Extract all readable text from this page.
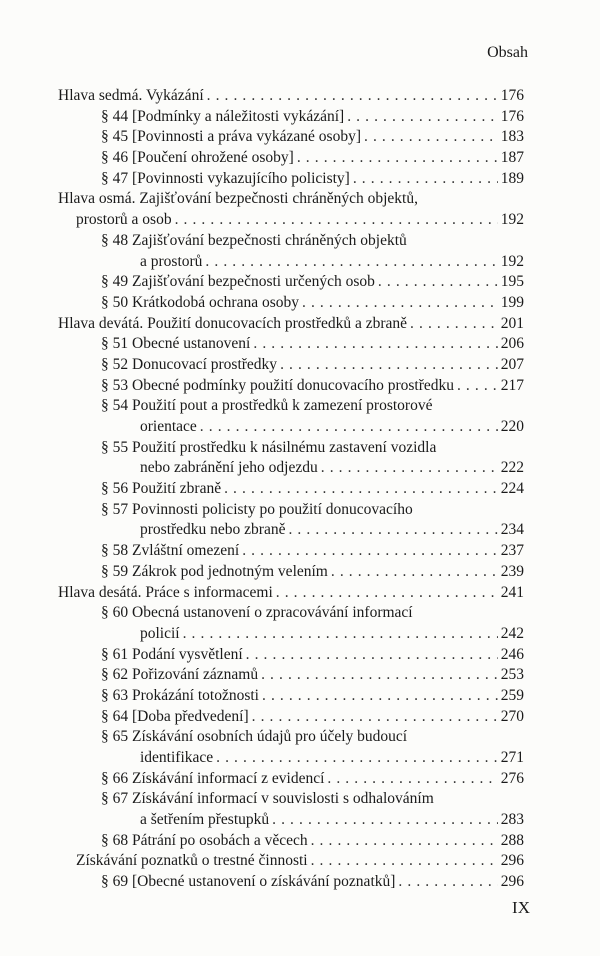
Obsah
Hlava sedmá. Vykázání . . .	176
§ 44 [Podmínky a náležitosti vykázání] . . .	176
§ 45 [Povinnosti a práva vykázané osoby] . . .	183
§ 46 [Poučení ohrožené osoby] . . .	187
§ 47 [Povinnosti vykazujícího policisty] . . .	189
Hlava osmá. Zajišťování bezpečnosti chráněných objektů,
prostorů a osob . . .	192
§ 48 Zajišťování bezpečnosti chráněných objektů
a prostorů . . .	192
§ 49 Zajišťování bezpečnosti určených osob . . .	195
§ 50 Krátkodobá ochrana osoby . . .	199
Hlava devátá. Použití donucovacích prostředků a zbraně . . .	201
§ 51 Obecné ustanovení . . .	206
§ 52 Donucovací prostředky . . .	207
§ 53 Obecné podmínky použití donucovacího prostředku . . .	217
§ 54 Použití pout a prostředků k zamezení prostorové
orientace . . .	220
§ 55 Použití prostředku k násilnému zastavení vozidla
nebo zabránění jeho odjezdu . . .	222
§ 56 Použití zbraně . . .	224
§ 57 Povinnosti policisty po použití donucovacího
prostředku nebo zbraně . . .	234
§ 58 Zvláštní omezení . . .	237
§ 59 Zákrok pod jednotným velením . . .	239
Hlava desátá. Práce s informacemi . . .	241
§ 60 Obecná ustanovení o zpracovávání informací
policií . . .	242
§ 61 Podání vysvětlení . . .	246
§ 62 Pořizování záznamů . . .	253
§ 63 Prokázání totožnosti . . .	259
§ 64 [Doba předvedení] . . .	270
§ 65 Získávání osobních údajů pro účely budoucí
identifikace . . .	271
§ 66 Získávání informací z evidencí . . .	276
§ 67 Získávání informací v souvislosti s odhalováním
a šetřením přestupků . . .	283
§ 68 Pátrání po osobách a věcech . . .	288
Získávání poznatků o trestné činnosti . . .	296
§ 69 [Obecné ustanovení o získávání poznatků] . . .	296
IX
